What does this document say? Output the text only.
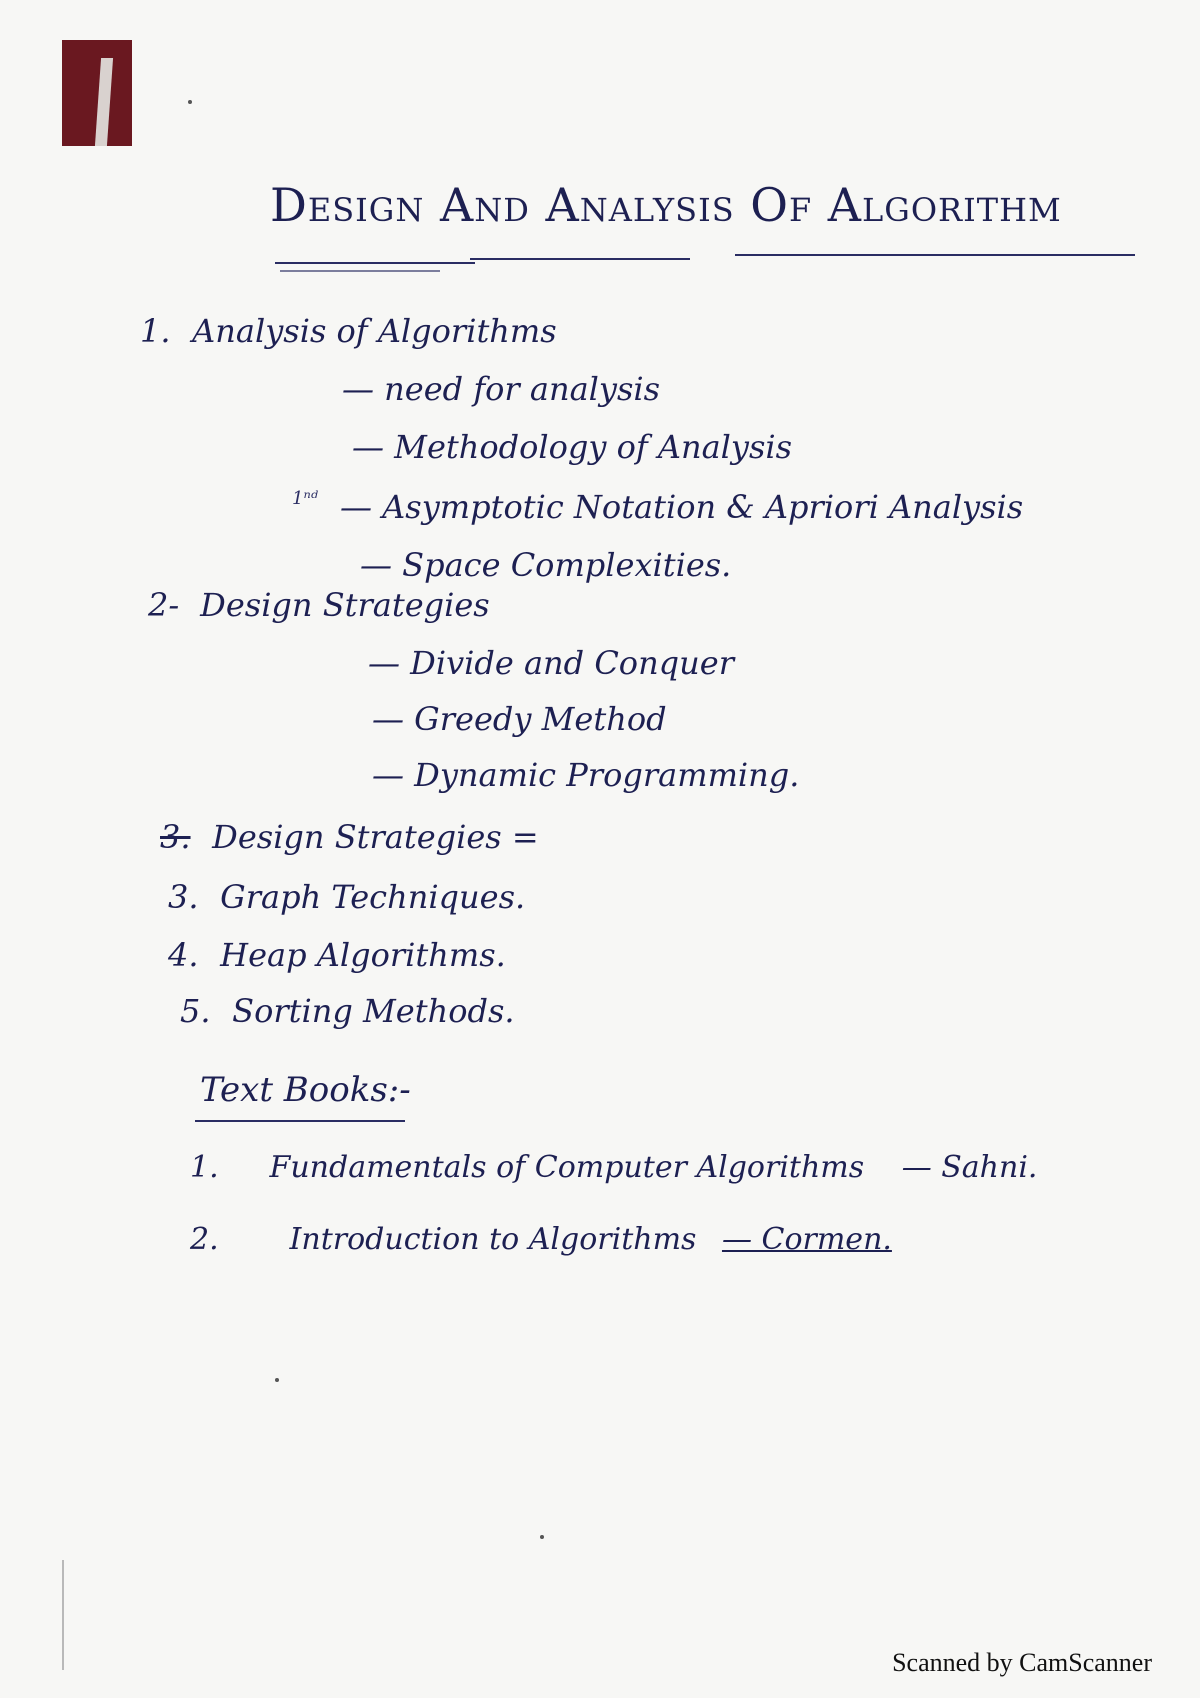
Design And Analysis Of Algorithm
1ⁿᵈ
1. Analysis of Algorithms
— need for analysis
— Methodology of Analysis
— Asymptotic Notation & Apriori Analysis
— Space Complexities.
2- Design Strategies
— Divide and Conquer
— Greedy Method
— Dynamic Programming.
3. Design Strategies =
3. Graph Techniques.
4. Heap Algorithms.
5. Sorting Methods.
Text Books:-
1. Fundamentals of Computer Algorithms — Sahni.
2. Introduction to Algorithms — Cormen.
Scanned by CamScanner
